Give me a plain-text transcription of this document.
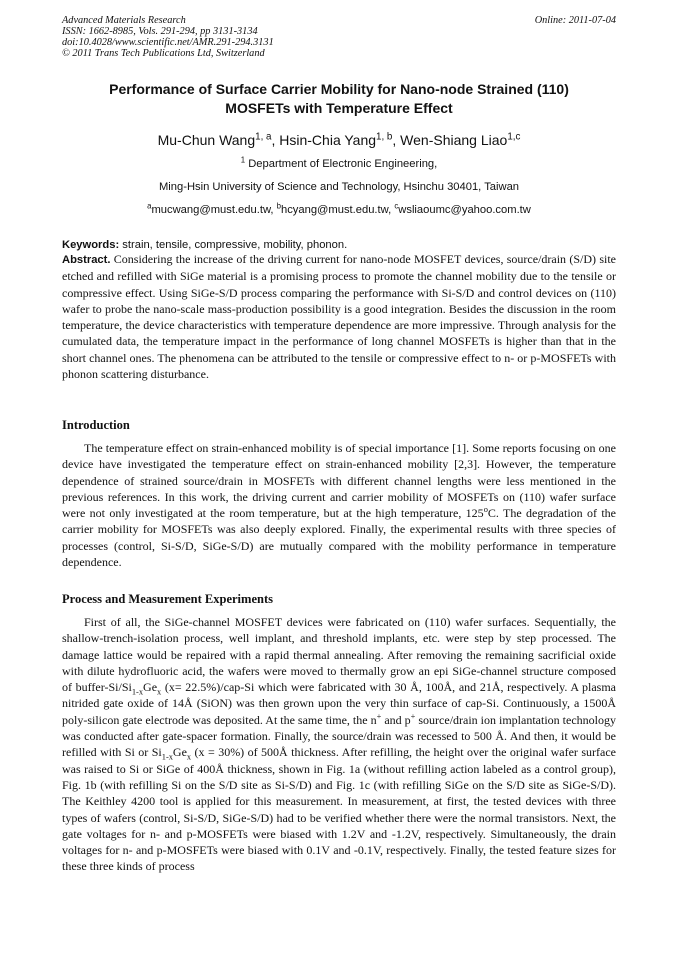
Advanced Materials Research
ISSN: 1662-8985, Vols. 291-294, pp 3131-3134
doi:10.4028/www.scientific.net/AMR.291-294.3131
© 2011 Trans Tech Publications Ltd, Switzerland
Online: 2011-07-04
Performance of Surface Carrier Mobility for Nano-node Strained (110)
MOSFETs with Temperature Effect
Mu-Chun Wang$^{1, a}$, Hsin-Chia Yang$^{1, b}$, Wen-Shiang Liao$^{1,c}$
$^1$ Department of Electronic Engineering,
Ming-Hsin University of Science and Technology, Hsinchu 30401, Taiwan
$^a$mucwang@must.edu.tw, $^b$hcyang@must.edu.tw, $^c$wsliaoumc@yahoo.com.tw
Keywords: strain, tensile, compressive, mobility, phonon.
Abstract. Considering the increase of the driving current for nano-node MOSFET devices, source/drain (S/D) site etched and refilled with SiGe material is a promising process to promote the channel mobility due to the tensile or compressive effect. Using SiGe-S/D process comparing the performance with Si-S/D and control devices on (110) wafer to probe the nano-scale mass-production possibility is a good integration. Besides the discussion in the room temperature, the device characteristics with temperature dependence are more impressive. Through analysis for the cumulated data, the temperature impact in the performance of long channel MOSFETs is higher than that in the short channel ones. The phenomena can be attributed to the tensile or compressive effect to n- or p-MOSFETs with phonon scattering disturbance.
Introduction
The temperature effect on strain-enhanced mobility is of special importance [1]. Some reports focusing on one device have investigated the temperature effect on strain-enhanced mobility [2,3]. However, the temperature dependence of strained source/drain in MOSFETs with different channel lengths were less mentioned in the previous references. In this work, the driving current and carrier mobility of MOSFETs on (110) wafer surface were not only investigated at the room temperature, but at the high temperature, 125$^o$C. The degradation of the carrier mobility for MOSFETs was also deeply explored. Finally, the experimental results with three species of processes (control, Si-S/D, SiGe-S/D) are mutually compared with the mobility performance in temperature dependence.
Process and Measurement Experiments
First of all, the SiGe-channel MOSFET devices were fabricated on (110) wafer surfaces. Sequentially, the shallow-trench-isolation process, well implant, and threshold implants, etc. were step by step processed. The damage lattice would be repaired with a rapid thermal annealing. After removing the remaining sacrificial oxide with dilute hydrofluoric acid, the wafers were moved to thermally grow an epi SiGe-channel structure composed of buffer-$Si/Si_{1-x}Ge_x$ (x= 22.5%)/cap-Si which were fabricated with 30 Å, 100Å, and 21Å, respectively. A plasma nitrided gate oxide of 14Å (SiON) was then grown upon the very thin surface of cap-Si. Continuously, a 1500Å poly-silicon gate electrode was deposited. At the same time, the n+ and p+ source/drain ion implantation technology was conducted after gate-spacer formation. Finally, the source/drain was recessed to 500 Å. And then, it would be refilled with Si or $Si_{1-x}Ge_x$ (x = 30%) of 500Å thickness. After refilling, the height over the original wafer surface was raised to Si or SiGe of 400Å thickness, shown in Fig. 1a (without refilling action labeled as a control group), Fig. 1b (with refilling Si on the S/D site as Si-S/D) and Fig. 1c (with refilling SiGe on the S/D site as SiGe-S/D). The Keithley 4200 tool is applied for this measurement. In measurement, at first, the tested devices with three types of wafers (control, Si-S/D, SiGe-S/D) had to be verified whether there were the normal transistors. Next, the gate voltages for n- and p-MOSFETs were biased with 1.2V and -1.2V, respectively. Simultaneously, the drain voltages for n- and p-MOSFETs were biased with 0.1V and -0.1V, respectively. Finally, the tested feature sizes for these three kinds of process
